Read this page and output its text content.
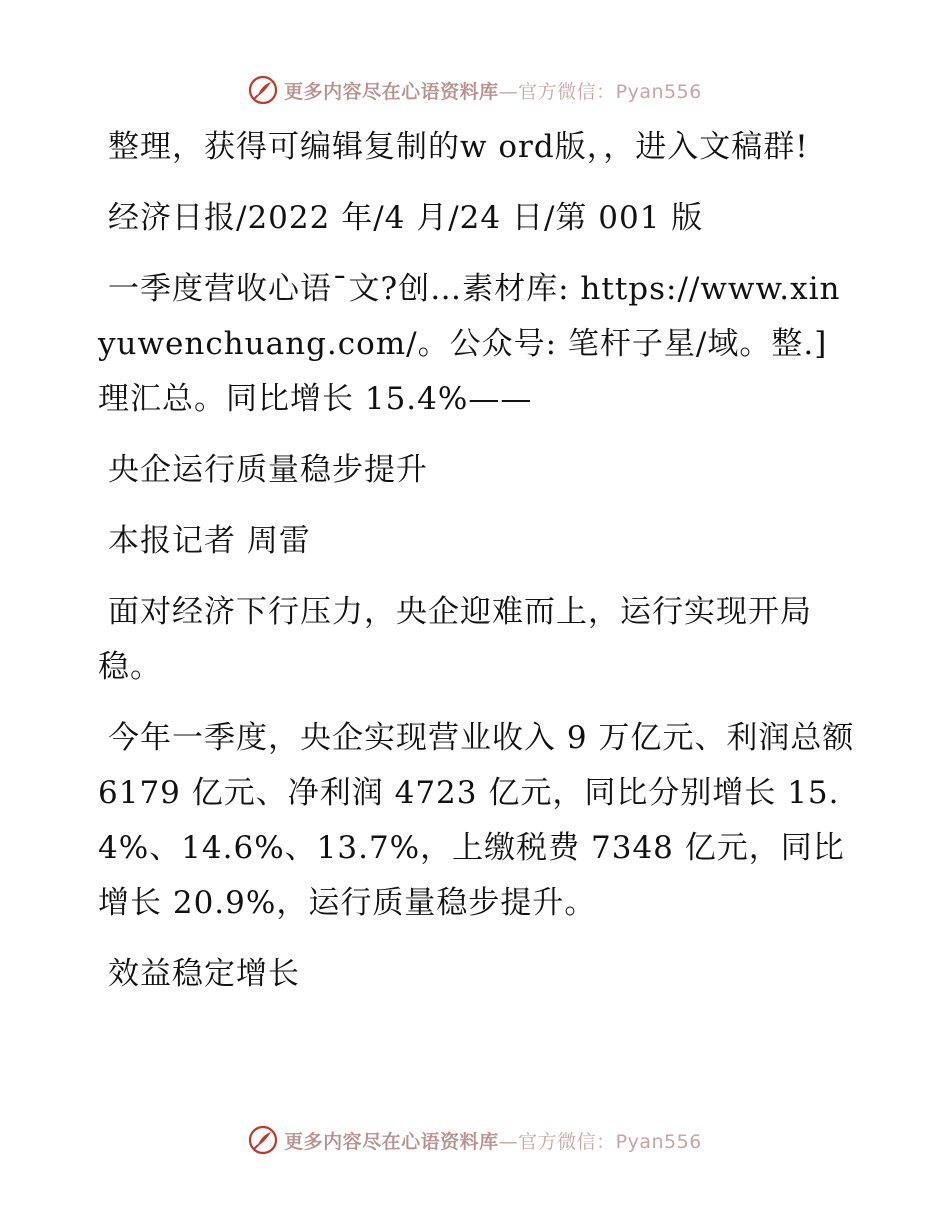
更多内容尽在心语资料库—官方微信：Pyan556

整理，获得可编辑复制的w ord版，，进入文稿群!

经济日报/2022 年/4 月/24 日/第 001 版

一季度营收心语¯文?创…素材库: https://www.xinyuwenchuang.com/。公众号: 笔杆子星/域。整.]理汇总。同比增长 15.4%——

央企运行质量稳步提升

本报记者 周雷

面对经济下行压力，央企迎难而上，运行实现开局稳。

今年一季度，央企实现营业收入 9 万亿元、利润总额 6179 亿元、净利润 4723 亿元，同比分别增长 15.4%、14.6%、13.7%，上缴税费 7348 亿元，同比增长 20.9%，运行质量稳步提升。

效益稳定增长

更多内容尽在心语资料库—官方微信：Pyan556
